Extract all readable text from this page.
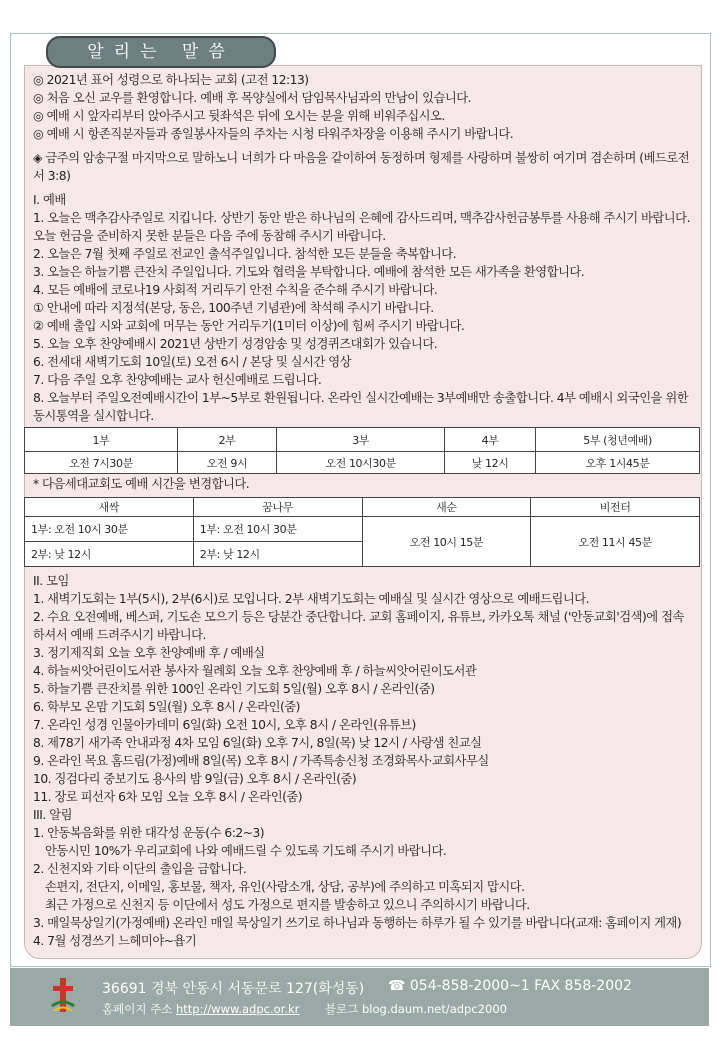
알리는 말씀

◎ 2021년 표어 성령으로 하나되는 교회 (고전 12:13)

◎ 처음 오신 교우를 환영합니다. 예배 후 목양실에서 담임목사님과의 만남이 있습니다.

◎ 예배 시 앞자리부터 앉아주시고 뒷좌석은 뒤에 오시는 분을 위해 비워주십시오.

◎ 예배 시 항존직분자들과 종일봉사자들의 주차는 시청 타워주차장을 이용해 주시기 바랍니다.

◈ 금주의 암송구절 마지막으로 말하노니 너희가 다 마음을 같이하여 동정하며 형제를 사랑하며 불쌍히 여기며 겸손하며 (베드로전서 3:8)

I. 예배

1. 오늘은 맥추감사주일로 지킵니다. 상반기 동안 받은 하나님의 은혜에 감사드리며, 맥추감사헌금봉투를 사용해 주시기 바랍니다. 오늘 헌금을 준비하지 못한 분들은 다음 주에 동참해 주시기 바랍니다.

2. 오늘은 7월 첫째 주일로 전교인 출석주일입니다. 참석한 모든 분들을 축복합니다.

3. 오늘은 하늘기쁨 큰잔치 주일입니다. 기도와 협력을 부탁합니다. 예배에 참석한 모든 새가족을 환영합니다.

4. 모든 예배에 코로나19 사회적 거리두기 안전 수칙을 준수해 주시기 바랍니다.

① 안내에 따라 지정석(본당, 동은, 100주년 기념관)에 착석해 주시기 바랍니다.

② 예배 출입 시와 교회에 머무는 동안 거리두기(1미터 이상)에 힘써 주시기 바랍니다.

5. 오늘 오후 찬양예배시 2021년 상반기 성경암송 및 성경퀴즈대회가 있습니다.

6. 전세대 새벽기도회 10일(토) 오전 6시 / 본당 및 실시간 영상

7. 다음 주일 오후 찬양예배는 교사 헌신예배로 드립니다.

8. 오늘부터 주일오전예배시간이 1부~5부로 환원됩니다. 온라인 실시간예배는 3부예배만 송출합니다. 4부 예배시 외국인을 위한 동시통역을 실시합니다.

1부	2부	3부	4부	5부 (청년예배)
오전 7시30분	오전 9시	오전 10시30분	낮 12시	오후 1시45분
* 다음세대교회도 예배 시간을 변경합니다.
새싹	꿈나무	새순	비전터
1부: 오전 10시 30분	1부: 오전 10시 30분	오전 10시 15분	오전 11시 45분
2부: 낮 12시	2부: 낮 12시		

II. 모임

1. 새벽기도회는 1부(5시), 2부(6시)로 모입니다. 2부 새벽기도회는 예배실 및 실시간 영상으로 예배드립니다.

2. 수요 오전예배, 베스퍼, 기도손 모으기 등은 당분간 중단합니다. 교회 홈페이지, 유튜브, 카카오톡 채널 ('안동교회'검색)에 접속하셔서 예배 드려주시기 바랍니다.

3. 정기제직회 오늘 오후 찬양예배 후 / 예배실

4. 하늘씨앗어린이도서관 봉사자 월례회 오늘 오후 찬양예배 후 / 하늘씨앗어린이도서관

5. 하늘기쁨 큰잔치를 위한 100인 온라인 기도회 5일(월) 오후 8시 / 온라인(줌)

6. 학부모 온맘 기도회 5일(월) 오후 8시 / 온라인(줌)

7. 온라인 성경 인물아카데미 6일(화) 오전 10시, 오후 8시 / 온라인(유튜브)

8. 제78기 새가족 안내과정 4차 모임 6일(화) 오후 7시, 8일(목) 낮 12시 / 사랑샘 친교실

9. 온라인 목요 홈드림(가정)예배 8일(목) 오후 8시 / 가족특송신청 조경화목사·교회사무실

10. 징검다리 중보기도 용사의 밤 9일(금) 오후 8시 / 온라인(줌)

11. 장로 피선자 6차 모임 오늘 오후 8시 / 온라인(줌)

III. 알림

1. 안동복음화를 위한 대각성 운동(수 6:2~3)

안동시민 10%가 우리교회에 나와 예배드릴 수 있도록 기도해 주시기 바랍니다.

2. 신천지와 기타 이단의 출입을 금합니다.

손편지, 전단지, 이메일, 홍보물, 책자, 유인(사람소개, 상담, 공부)에 주의하고 미혹되지 맙시다.

최근 가정으로 신천지 등 이단에서 성도 가정으로 편지를 발송하고 있으니 주의하시기 바랍니다.

3. 매일묵상일기(가정예배) 온라인 매일 묵상일기 쓰기로 하나님과 동행하는 하루가 될 수 있기를 바랍니다(교재: 홈페이지 게재)

4. 7월 성경쓰기 느헤미야~욥기

36691 경북 안동시 서동문로 127(화성동) ☎ 054-858-2000~1 FAX 858-2002
홈페이지 주소 http://www.adpc.or.kr 블로그 blog.daum.net/adpc2000
